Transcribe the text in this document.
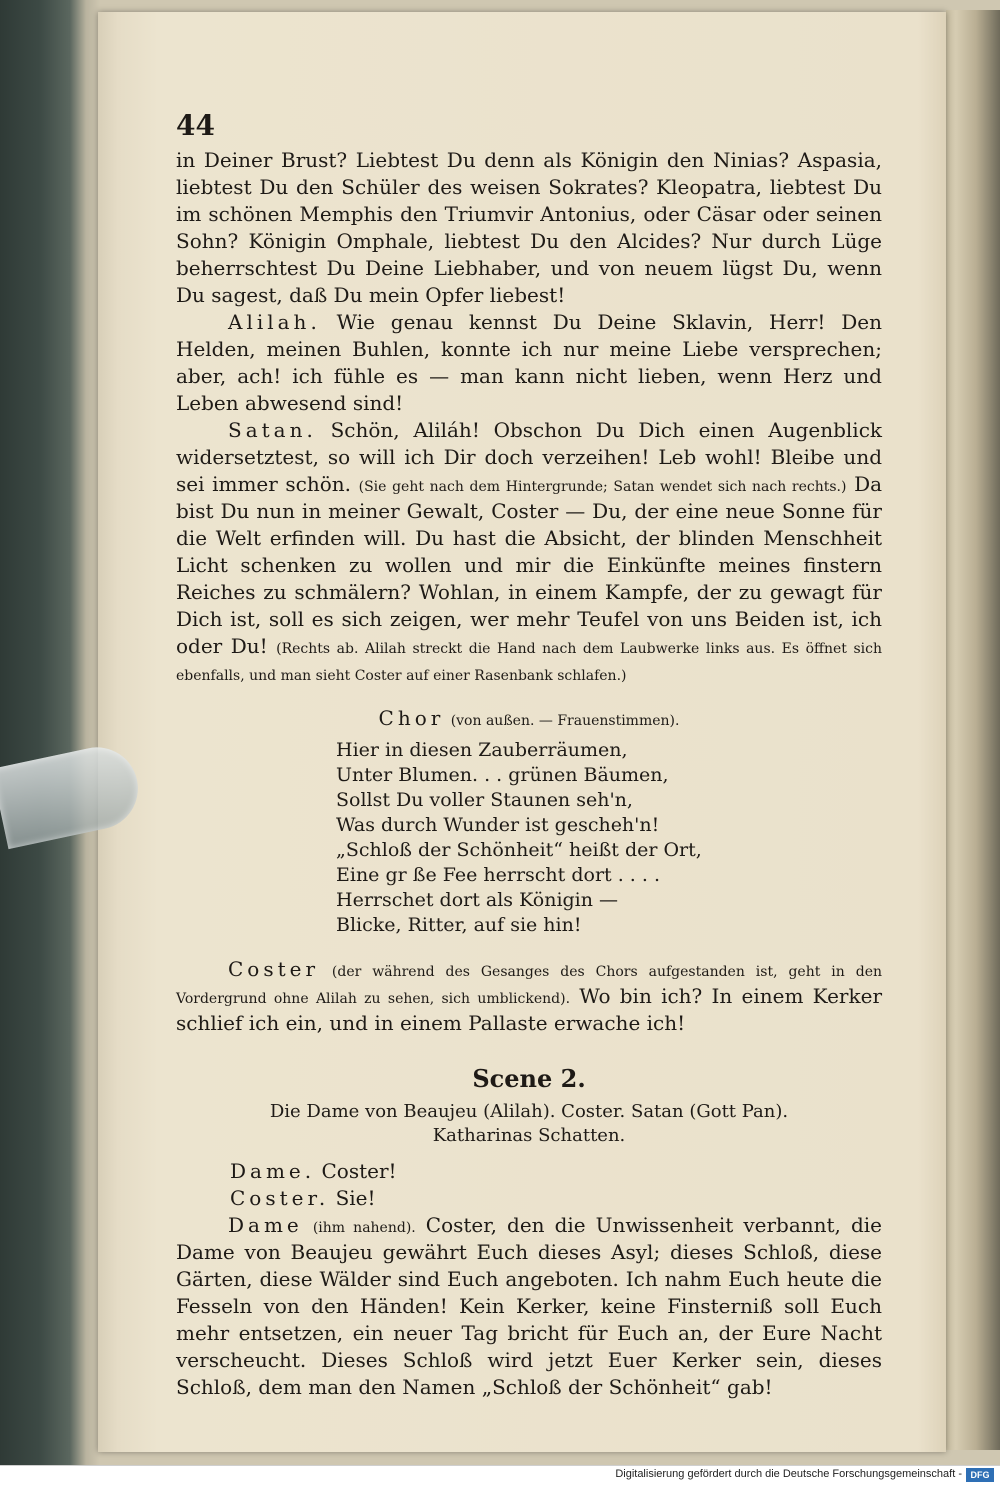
44

in Deiner Brust? Liebtest Du denn als Königin den Ninias? Aspasia, liebtest Du den Schüler des weisen Sokrates? Kleopatra, liebtest Du im schönen Memphis den Triumvir Antonius, oder Cäsar oder seinen Sohn? Königin Omphale, liebtest Du den Alcides? Nur durch Lüge beherrschtest Du Deine Liebhaber, und von neuem lügst Du, wenn Du sagest, daß Du mein Opfer liebest!

Alilah. Wie genau kennst Du Deine Sklavin, Herr! Den Helden, meinen Buhlen, konnte ich nur meine Liebe versprechen; aber, ach! ich fühle es — man kann nicht lieben, wenn Herz und Leben abwesend sind!

Satan. Schön, Aliláh! Obschon Du Dich einen Augenblick widersetztest, so will ich Dir doch verzeihen! Leb wohl! Bleibe und sei immer schön. (Sie geht nach dem Hintergrunde; Satan wendet sich nach rechts.) Da bist Du nun in meiner Gewalt, Coster — Du, der eine neue Sonne für die Welt erfinden will. Du hast die Absicht, der blinden Menschheit Licht schenken zu wollen und mir die Einkünfte meines finstern Reiches zu schmälern? Wohlan, in einem Kampfe, der zu gewagt für Dich ist, soll es sich zeigen, wer mehr Teufel von uns Beiden ist, ich oder Du! (Rechts ab. Alilah streckt die Hand nach dem Laubwerke links aus. Es öffnet sich ebenfalls, und man sieht Coster auf einer Rasenbank schlafen.)

Chor (von außen. — Frauenstimmen).
Hier in diesen Zauberräumen,
Unter Blumen. . . grünen Bäumen,
Sollst Du voller Staunen seh'n,
Was durch Wunder ist gescheh'n!
„Schloß der Schönheit“ heißt der Ort,
Eine gr ße Fee herrscht dort . . . .
Herrschet dort als Königin —
Blicke, Ritter, auf sie hin!

Coster (der während des Gesanges des Chors aufgestanden ist, geht in den Vordergrund ohne Alilah zu sehen, sich umblickend). Wo bin ich? In einem Kerker schlief ich ein, und in einem Pallaste erwache ich!

Scene 2.
Die Dame von Beaujeu (Alilah). Coster. Satan (Gott Pan).
Katharinas Schatten.
Dame. Coster!
Coster. Sie!

Dame (ihm nahend). Coster, den die Unwissenheit verbannt, die Dame von Beaujeu gewährt Euch dieses Asyl; dieses Schloß, diese Gärten, diese Wälder sind Euch angeboten. Ich nahm Euch heute die Fesseln von den Händen! Kein Kerker, keine Finsterniß soll Euch mehr entsetzen, ein neuer Tag bricht für Euch an, der Eure Nacht verscheucht. Dieses Schloß wird jetzt Euer Kerker sein, dieses Schloß, dem man den Namen „Schloß der Schönheit“ gab!

Digitalisierung gefördert durch die Deutsche Forschungsgemeinschaft - DFG
